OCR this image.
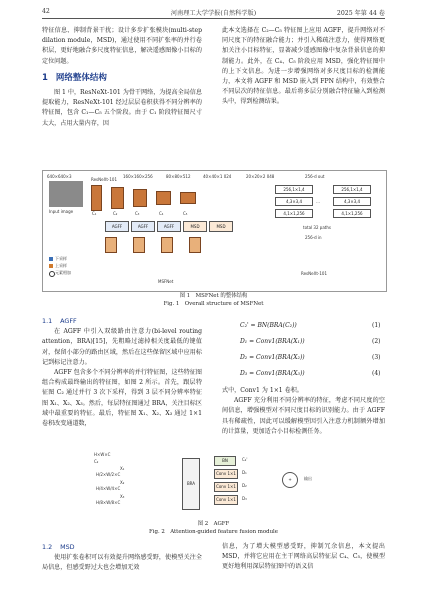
42	河南理工大学学报(自然科学版)	2025 年第 44 卷

特征信息、抑制背景干扰；设计多步扩张模块(multi-step dilation module，MSD)，通过使用不同扩张率的并行卷积层，更好地融合多尺度特征信息，解决遥感图像小目标的定位问题。

1 网络整体结构

图 1 中，ResNeXt-101 为骨干网络，为提高全局信息提取能力，ResNeXt-101 经过层层卷积获得不同分辨率的特征图，包含 C₁—C₅ 五个阶段。由于 C₁ 阶段特征图尺寸太大，占用大量内存，因

此本文选择在 C₂—C₅ 特征图上应用 AGFF，提升网络对不同尺度下的特征融合能力；并引入稀疏注意力，使得网络更加关注小目标特征，显著减少遥感图像中复杂背景信息的抑制能力。此外，在 C₄、C₅ 阶段应用 MSD，强化特征图中的上下文信息。为进一步增强网络对多尺度目标的检测能力，本文将 AGFF 和 MSD 嵌入到 FPN 结构中，有效整合不同层次的特征信息。最后将多层分别融合特征输入到检测头中，得到检测结果。

640×640×3
Input image
ResNeXt-101
160×160×256	80×80×512	40×40×1 024	20×20×2 048
C₁	C₂	C₃	C₄	C₅
AGFF	AGFF	AGFF	MSD	MSD
下采样
上采样
元素相加
MSFNet
256-d out
256,1×1,4
4,3×3,4
4,1×1,256
256,1×1,4
4,3×3,4
4,1×1,256
…
total 32 paths
256-d in
ResNeXt-101
图 1　MSFNet 的整体结构
Fig. 1　Overall structure of MSFNet
1.1 AGFF

在 AGFF 中引入双级路由注意力(bi-level routing attention，BRA)[15]，先粗略过滤掉相关度最低的键值对，保留小部分的路由区域，然后在这些保留区域中应用标记到标记注意力。

AGFF 包含多个不同分辨率的并行特征图，这些特征图组合构成最终输出的特征图，如图 2 所示。首先，跟层特征图 C₂ 通过并行 3 次下采样，得到 3 层不同分辨率特征图 X₁、X₂、X₃。然后，每层特征图通过 BRA，关注目标区域中最重要的特征。最后，特征图 X₁、X₂、X₃ 通过 1×1 卷积改变通道数，

C₂' = BN(BRA(C₂))
D₁ = Conv1(BRA(X₁))
D₂ = Conv1(BRA(X₂))
D₃ = Conv1(BRA(X₃))
(1)
(2)
(3)
(4)

式中，Conv1 为 1×1 卷积。

AGFF 充分利用不同分辨率的特征，考虑不同尺度的空间信息，增强模型对不同尺度目标的识别能力。由于 AGFF 具有稀疏性，因此可以缓解模型因引入注意力机制额外增加的计算量，更加适合小目标检测任务。

H×W×C
C₂
X₁
X₂
X₃
H/2×W/2×C
H/4×W/4×C
H/8×W/8×C
BRA
BN
Conv 1×1
Conv 1×1
Conv 1×1
C₂'
D₁
D₂
D₃
+	输出
图 2　AGFF
Fig. 2　Attention-guided feature fusion module
1.2 MSD

使用扩张卷积可以有效提升网络感受野，使模型关注全局信息，但感受野过大也会增加无效

信息，为了增大模型感受野，抑制冗余信息，本文提出 MSD，并将它应用在主干网络高层特征层 C₄、C₅，使模型更好地利用深层特征图中的语义信
